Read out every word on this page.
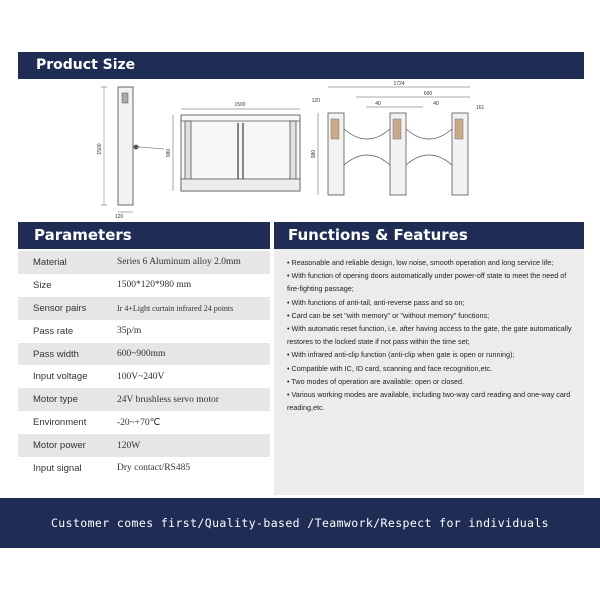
Product Size
1500
120
1500
980
1724
600
40	40
120
161
980
Parameters	Functions & Features
Material	Series 6 Aluminum alloy 2.0mm
Size	1500*120*980 mm
Sensor pairs	Ir 4+Light curtain infrared 24 points
Pass rate	35p/m
Pass width	600~900mm
Input voltage	100V~240V
Motor type	24V brushless servo motor
Environment	-20~+70℃
Motor power	120W
Input signal	Dry contact/RS485

• Reasonable and reliable design, low noise, smooth operation and long service life;

• With function of opening doors automatically under power-off state to meet the need of fire-fighting passage;

• With functions of anti-tail, anti-reverse pass and so on;

• Card can be set "with memory" or "without memory" functions;

• With automatic reset function, i.e. after having access to the gate, the gate automatically restores to the locked state if not pass within the time set;

• With infrared anti-clip function (anti-clip when gate is open or running);

• Compatible with IC, ID card, scanning and face recognition,etc.

• Two modes of operation are available: open or closed.

• Various working modes are available, including two-way card reading and one-way card reading,etc.

Customer comes first/Quality-based /Teamwork/Respect for individuals
